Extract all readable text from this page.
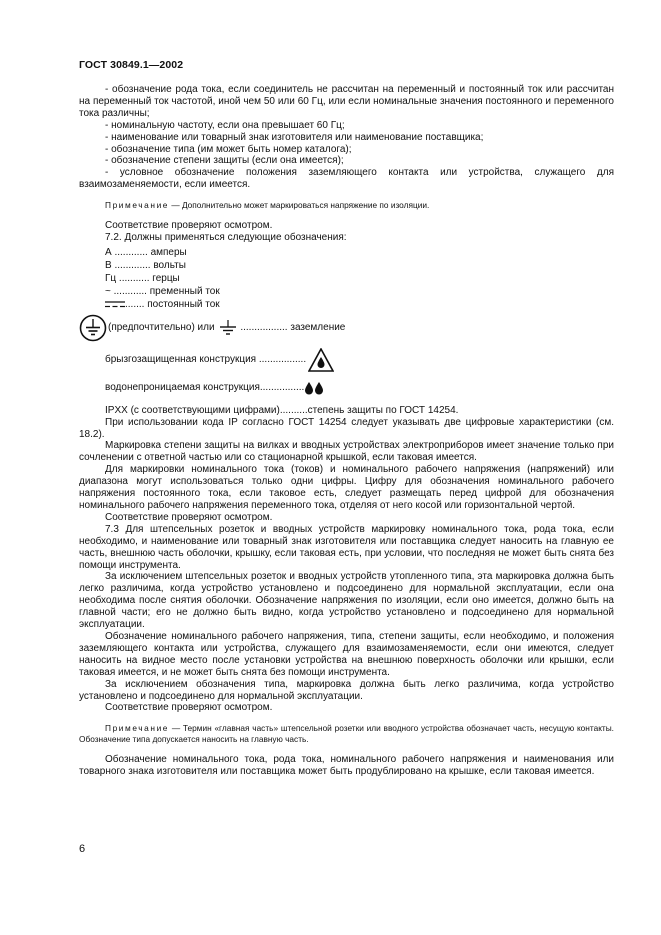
ГОСТ 30849.1—2002

- обозначение рода тока, если соединитель не рассчитан на переменный и постоянный ток или рассчитан на переменный ток частотой, иной чем 50 или 60 Гц, или если номинальные значения постоянного и переменного тока различны;

- номинальную частоту, если она превышает 60 Гц;

- наименование или товарный знак изготовителя или наименование поставщика;

- обозначение типа (им может быть номер каталога);

- обозначение степени защиты (если она имеется);

- условное обозначение положения заземляющего контакта или устройства, служащего для взаимозаменяемости, если имеется.

Примечание — Дополнительно может маркироваться напряжение по изоляции.

Соответствие проверяют осмотром.

7.2. Должны применяться следующие обозначения:

А ............ амперы
В ............. вольты
Гц ........... герцы
~ ............ пременный ток
....... постоянный ток
(предпочтительно) или ................. заземление
брызгозащищенная конструкция .................
водонепроницаемая конструкция ................

IPXX (с соответствующими цифрами)..........степень защиты по ГОСТ 14254.

При использовании кода IP согласно ГОСТ 14254 следует указывать две цифровые характеристики (см. 18.2).

Маркировка степени защиты на вилках и вводных устройствах электроприборов имеет значение только при сочленении с ответной частью или со стационарной крышкой, если таковая имеется.

Для маркировки номинального тока (токов) и номинального рабочего напряжения (напряжений) или диапазона могут использоваться только одни цифры. Цифру для обозначения номинального рабочего напряжения постоянного тока, если таковое есть, следует размещать перед цифрой для обозначения номинального рабочего напряжения переменного тока, отделяя от него косой или горизонтальной чертой.

Соответствие проверяют осмотром.

7.3 Для штепсельных розеток и вводных устройств маркировку номинального тока, рода тока, если необходимо, и наименование или товарный знак изготовителя или поставщика следует наносить на главную ее часть, внешнюю часть оболочки, крышку, если таковая есть, при условии, что последняя не может быть снята без помощи инструмента.

За исключением штепсельных розеток и вводных устройств утопленного типа, эта маркировка должна быть легко различима, когда устройство установлено и подсоединено для нормальной эксплуатации, если она необходима после снятия оболочки. Обозначение напряжения по изоляции, если оно имеется, должно быть на главной части; его не должно быть видно, когда устройство установлено и подсоединено для нормальной эксплуатации.

Обозначение номинального рабочего напряжения, типа, степени защиты, если необходимо, и положения заземляющего контакта или устройства, служащего для взаимозаменяемости, если они имеются, следует наносить на видное место после установки устройства на внешнюю поверхность оболочки или крышки, если таковая имеется, и не может быть снята без помощи инструмента.

За исключением обозначения типа, маркировка должна быть легко различима, когда устройство установлено и подсоединено для нормальной эксплуатации.

Соответствие проверяют осмотром.

Примечание — Термин «главная часть» штепсельной розетки или вводного устройства обозначает часть, несущую контакты. Обозначение типа допускается наносить на главную часть.

Обозначение номинального тока, рода тока, номинального рабочего напряжения и наименования или товарного знака изготовителя или поставщика может быть продублировано на крышке, если таковая имеется.

6
